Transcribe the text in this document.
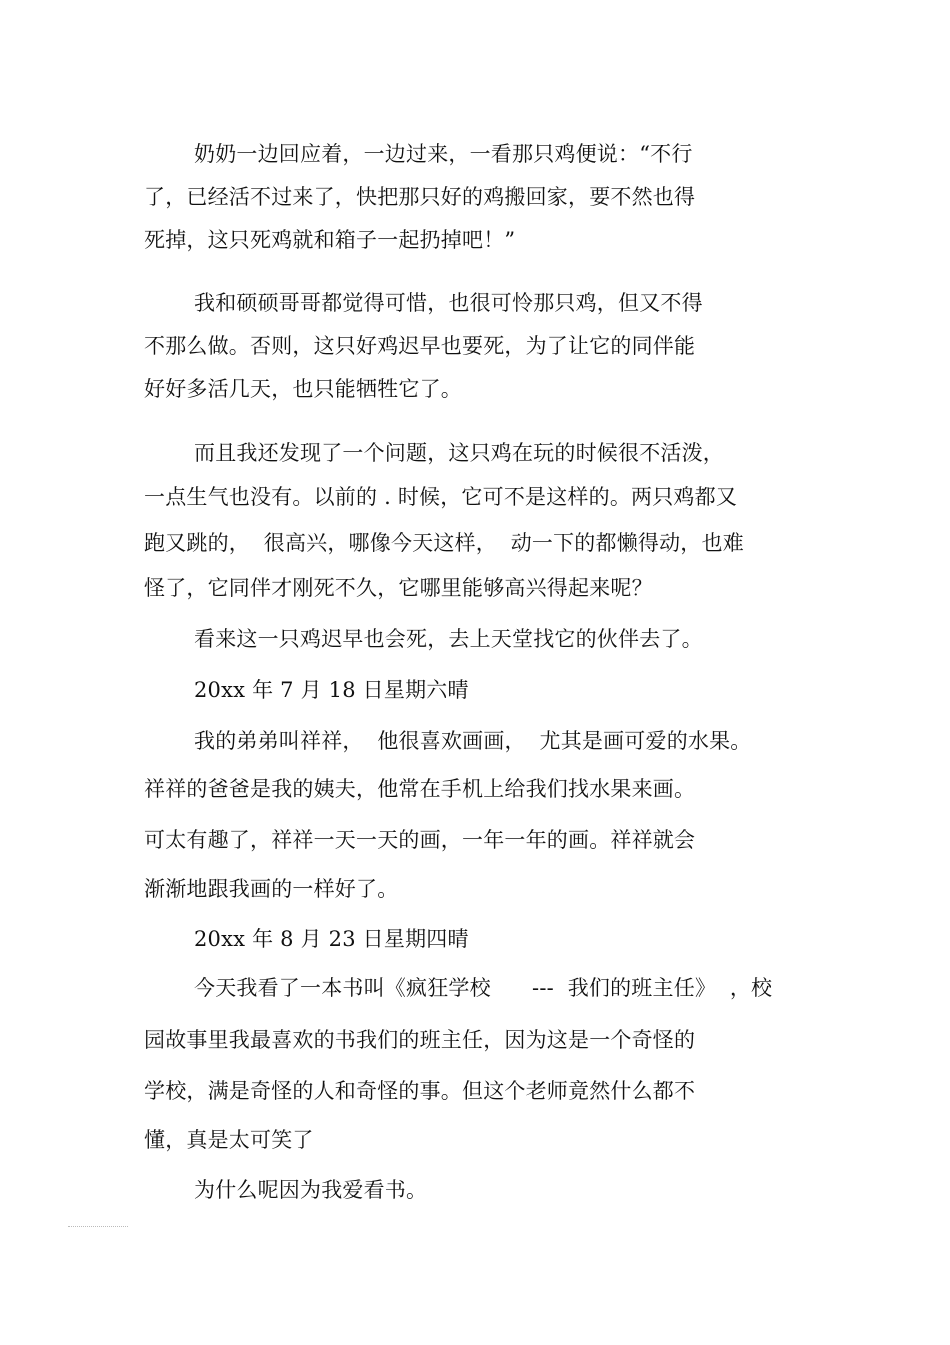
奶奶一边回应着，一边过来，一看那只鸡便说：“不行
了，已经活不过来了，快把那只好的鸡搬回家，要不然也得
死掉，这只死鸡就和箱子一起扔掉吧！”
我和硕硕哥哥都觉得可惜，也很可怜那只鸡，但又不得
不那么做。否则，这只好鸡迟早也要死，为了让它的同伴能
好好多活几天，也只能牺牲它了。
而且我还发现了一个问题，这只鸡在玩的时候很不活泼，
一点生气也没有。以前的 . 时候，它可不是这样的。两只鸡都又
跑又跳的，  很高兴，哪像今天这样，  动一下的都懒得动，也难
怪了，它同伴才刚死不久，它哪里能够高兴得起来呢？
看来这一只鸡迟早也会死，去上天堂找它的伙伴去了。
20xx 年 7 月 18 日星期六晴
我的弟弟叫祥祥，  他很喜欢画画，  尤其是画可爱的水果。
祥祥的爸爸是我的姨夫，他常在手机上给我们找水果来画。
可太有趣了，祥祥一天一天的画，一年一年的画。祥祥就会
渐渐地跟我画的一样好了。
20xx 年 8 月 23 日星期四晴
今天我看了一本书叫《疯狂学校      ---  我们的班主任》  ，校
园故事里我最喜欢的书我们的班主任，因为这是一个奇怪的
学校，满是奇怪的人和奇怪的事。但这个老师竟然什么都不
懂，真是太可笑了
为什么呢因为我爱看书。
